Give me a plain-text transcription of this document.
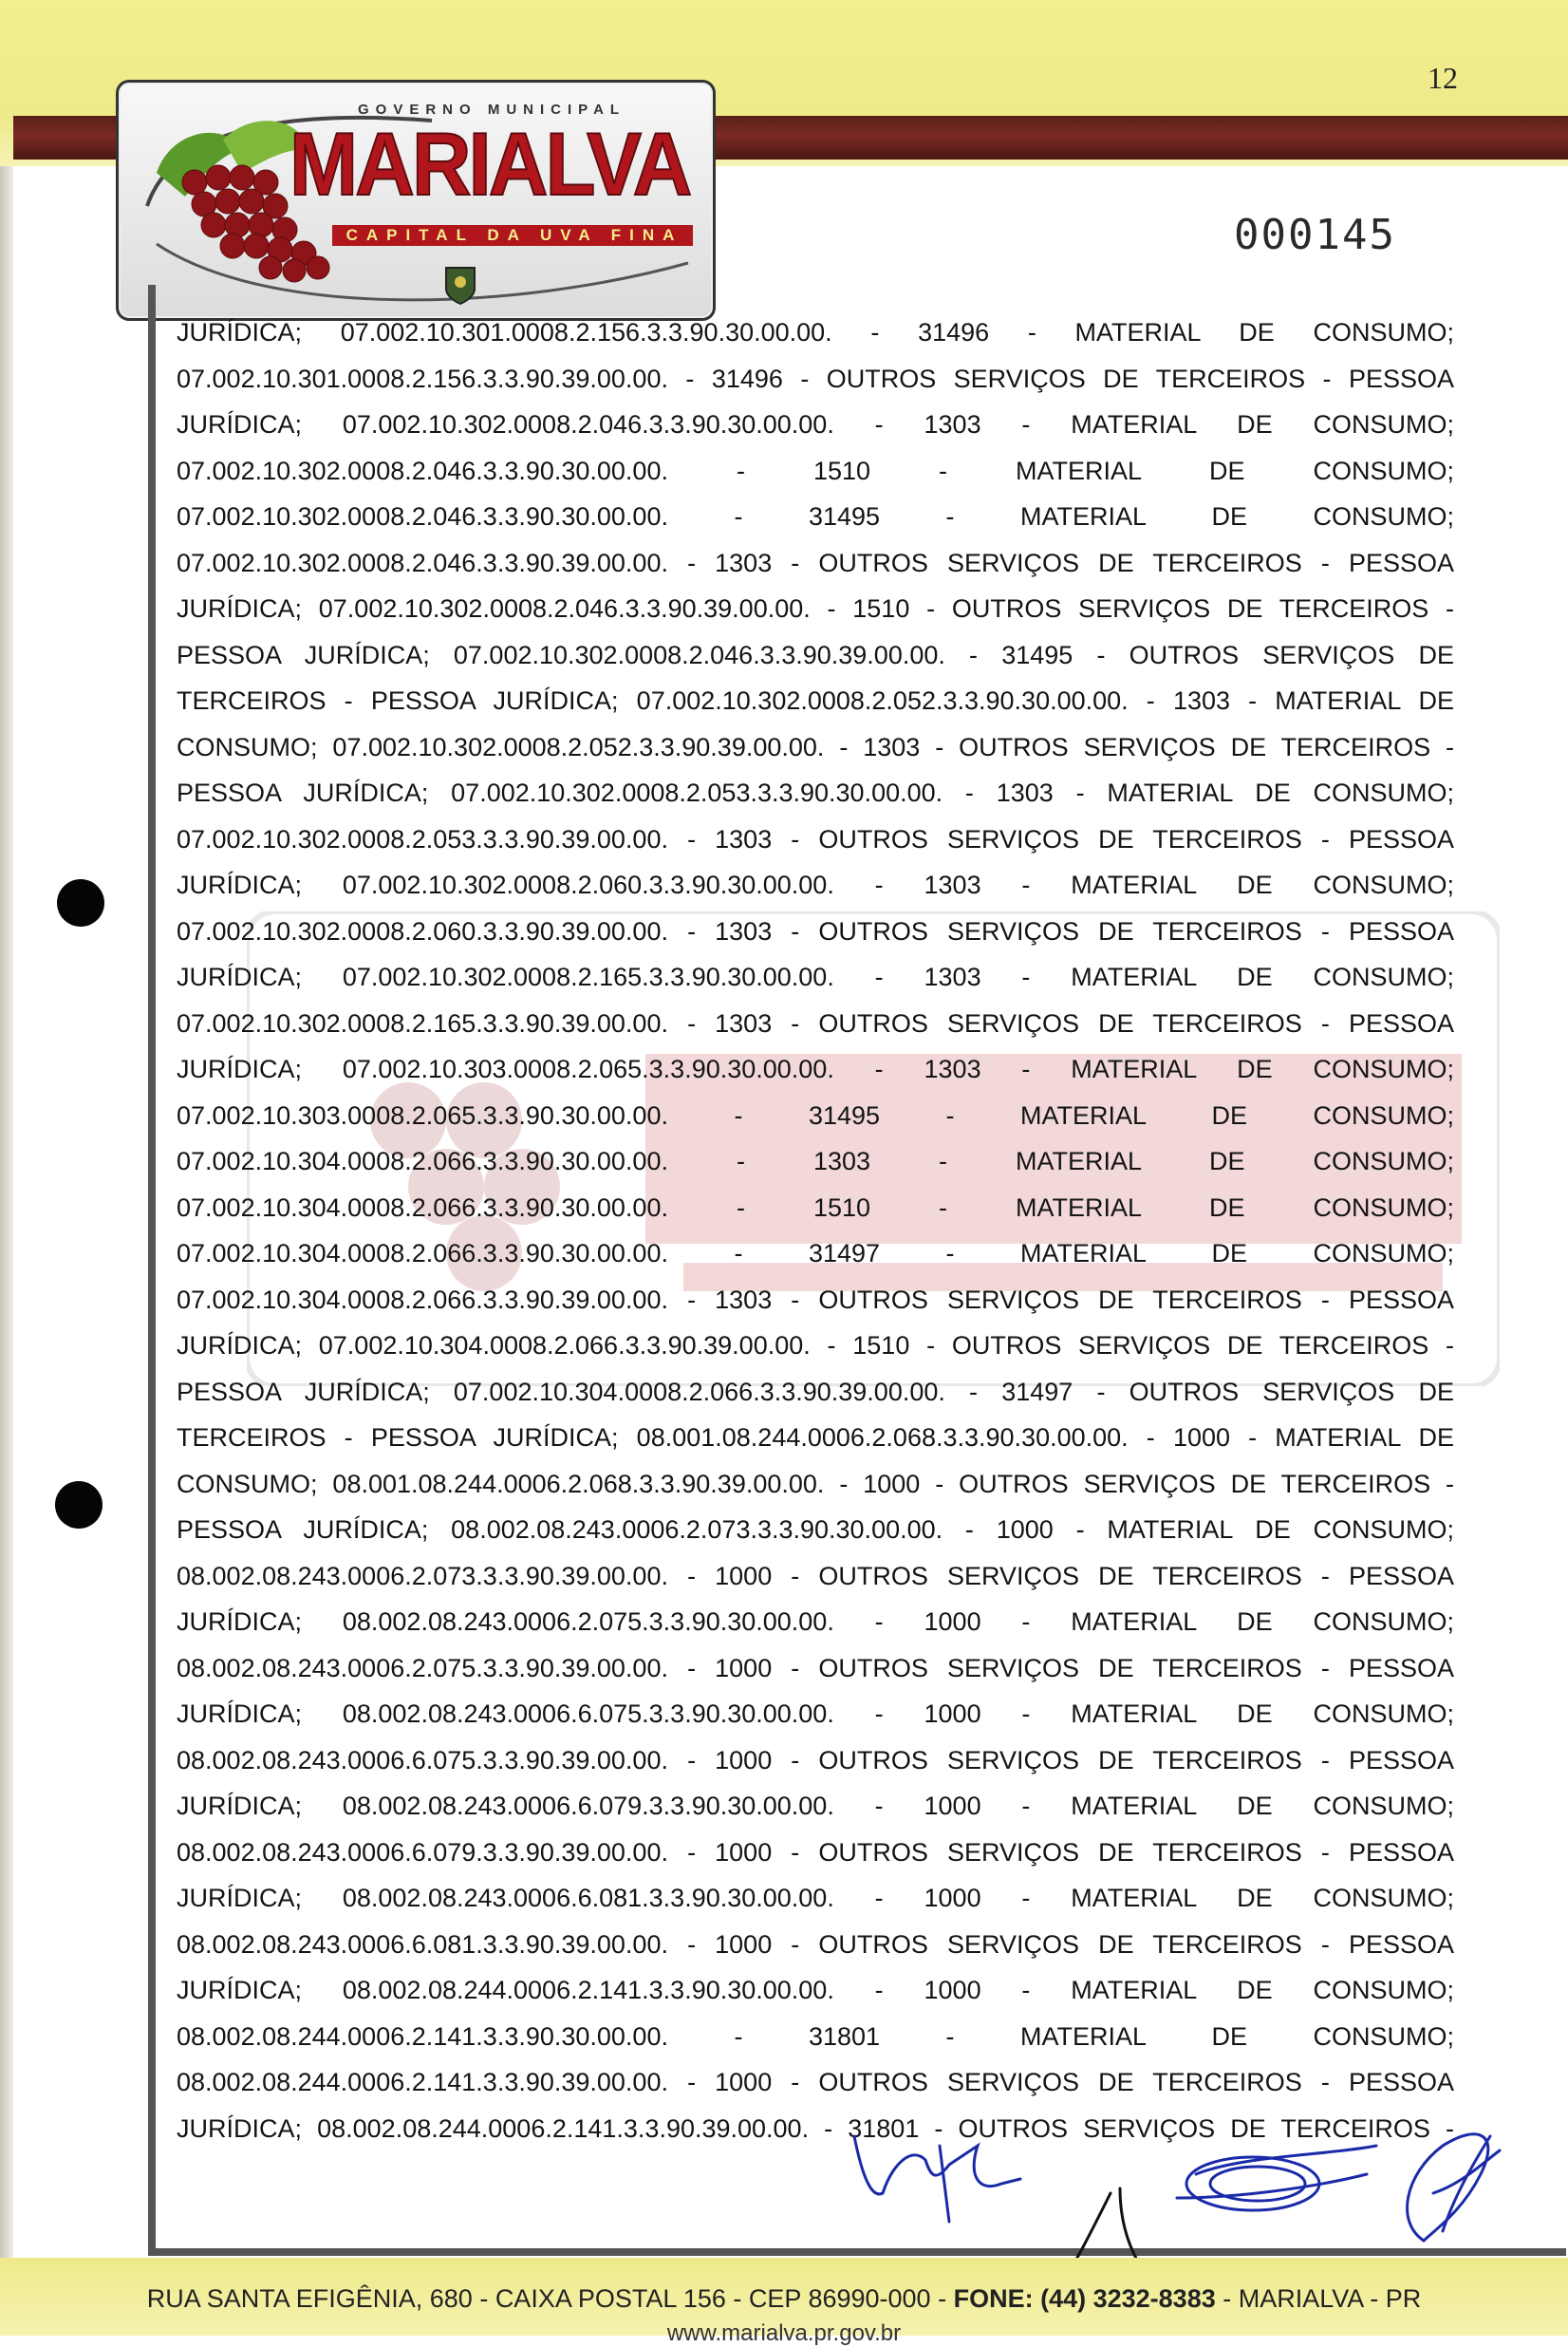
12
GOVERNO MUNICIPAL
MARIALVA
CAPITAL DA UVA FINA	000145
JURÍDICA; 07.002.10.301.0008.2.156.3.3.90.30.00.00. - 31496 - MATERIAL DE CONSUMO;
07.002.10.301.0008.2.156.3.3.90.39.00.00. - 31496 - OUTROS SERVIÇOS DE TERCEIROS - PESSOA
JURÍDICA; 07.002.10.302.0008.2.046.3.3.90.30.00.00. - 1303 - MATERIAL DE CONSUMO;
07.002.10.302.0008.2.046.3.3.90.30.00.00. - 1510 - MATERIAL DE CONSUMO;
07.002.10.302.0008.2.046.3.3.90.30.00.00. - 31495 - MATERIAL DE CONSUMO;
07.002.10.302.0008.2.046.3.3.90.39.00.00. - 1303 - OUTROS SERVIÇOS DE TERCEIROS - PESSOA
JURÍDICA; 07.002.10.302.0008.2.046.3.3.90.39.00.00. - 1510 - OUTROS SERVIÇOS DE TERCEIROS -
PESSOA JURÍDICA; 07.002.10.302.0008.2.046.3.3.90.39.00.00. - 31495 - OUTROS SERVIÇOS DE
TERCEIROS - PESSOA JURÍDICA; 07.002.10.302.0008.2.052.3.3.90.30.00.00. - 1303 - MATERIAL DE
CONSUMO; 07.002.10.302.0008.2.052.3.3.90.39.00.00. - 1303 - OUTROS SERVIÇOS DE TERCEIROS -
PESSOA JURÍDICA; 07.002.10.302.0008.2.053.3.3.90.30.00.00. - 1303 - MATERIAL DE CONSUMO;
07.002.10.302.0008.2.053.3.3.90.39.00.00. - 1303 - OUTROS SERVIÇOS DE TERCEIROS - PESSOA
JURÍDICA; 07.002.10.302.0008.2.060.3.3.90.30.00.00. - 1303 - MATERIAL DE CONSUMO;
07.002.10.302.0008.2.060.3.3.90.39.00.00. - 1303 - OUTROS SERVIÇOS DE TERCEIROS - PESSOA
JURÍDICA; 07.002.10.302.0008.2.165.3.3.90.30.00.00. - 1303 - MATERIAL DE CONSUMO;
07.002.10.302.0008.2.165.3.3.90.39.00.00. - 1303 - OUTROS SERVIÇOS DE TERCEIROS - PESSOA
JURÍDICA; 07.002.10.303.0008.2.065.3.3.90.30.00.00. - 1303 - MATERIAL DE CONSUMO;
07.002.10.303.0008.2.065.3.3.90.30.00.00. - 31495 - MATERIAL DE CONSUMO;
07.002.10.304.0008.2.066.3.3.90.30.00.00. - 1303 - MATERIAL DE CONSUMO;
07.002.10.304.0008.2.066.3.3.90.30.00.00. - 1510 - MATERIAL DE CONSUMO;
07.002.10.304.0008.2.066.3.3.90.30.00.00. - 31497 - MATERIAL DE CONSUMO;
07.002.10.304.0008.2.066.3.3.90.39.00.00. - 1303 - OUTROS SERVIÇOS DE TERCEIROS - PESSOA
JURÍDICA; 07.002.10.304.0008.2.066.3.3.90.39.00.00. - 1510 - OUTROS SERVIÇOS DE TERCEIROS -
PESSOA JURÍDICA; 07.002.10.304.0008.2.066.3.3.90.39.00.00. - 31497 - OUTROS SERVIÇOS DE
TERCEIROS - PESSOA JURÍDICA; 08.001.08.244.0006.2.068.3.3.90.30.00.00. - 1000 - MATERIAL DE
CONSUMO; 08.001.08.244.0006.2.068.3.3.90.39.00.00. - 1000 - OUTROS SERVIÇOS DE TERCEIROS -
PESSOA JURÍDICA; 08.002.08.243.0006.2.073.3.3.90.30.00.00. - 1000 - MATERIAL DE CONSUMO;
08.002.08.243.0006.2.073.3.3.90.39.00.00. - 1000 - OUTROS SERVIÇOS DE TERCEIROS - PESSOA
JURÍDICA; 08.002.08.243.0006.2.075.3.3.90.30.00.00. - 1000 - MATERIAL DE CONSUMO;
08.002.08.243.0006.2.075.3.3.90.39.00.00. - 1000 - OUTROS SERVIÇOS DE TERCEIROS - PESSOA
JURÍDICA; 08.002.08.243.0006.6.075.3.3.90.30.00.00. - 1000 - MATERIAL DE CONSUMO;
08.002.08.243.0006.6.075.3.3.90.39.00.00. - 1000 - OUTROS SERVIÇOS DE TERCEIROS - PESSOA
JURÍDICA; 08.002.08.243.0006.6.079.3.3.90.30.00.00. - 1000 - MATERIAL DE CONSUMO;
08.002.08.243.0006.6.079.3.3.90.39.00.00. - 1000 - OUTROS SERVIÇOS DE TERCEIROS - PESSOA
JURÍDICA; 08.002.08.243.0006.6.081.3.3.90.30.00.00. - 1000 - MATERIAL DE CONSUMO;
08.002.08.243.0006.6.081.3.3.90.39.00.00. - 1000 - OUTROS SERVIÇOS DE TERCEIROS - PESSOA
JURÍDICA; 08.002.08.244.0006.2.141.3.3.90.30.00.00. - 1000 - MATERIAL DE CONSUMO;
08.002.08.244.0006.2.141.3.3.90.30.00.00. - 31801 - MATERIAL DE CONSUMO;
08.002.08.244.0006.2.141.3.3.90.39.00.00. - 1000 - OUTROS SERVIÇOS DE TERCEIROS - PESSOA
JURÍDICA; 08.002.08.244.0006.2.141.3.3.90.39.00.00. - 31801 - OUTROS SERVIÇOS DE TERCEIROS -
RUA SANTA EFIGÊNIA, 680 - CAIXA POSTAL 156 - CEP 86990-000 - FONE: (44) 3232-8383 - MARIALVA - PR
www.marialva.pr.gov.br
